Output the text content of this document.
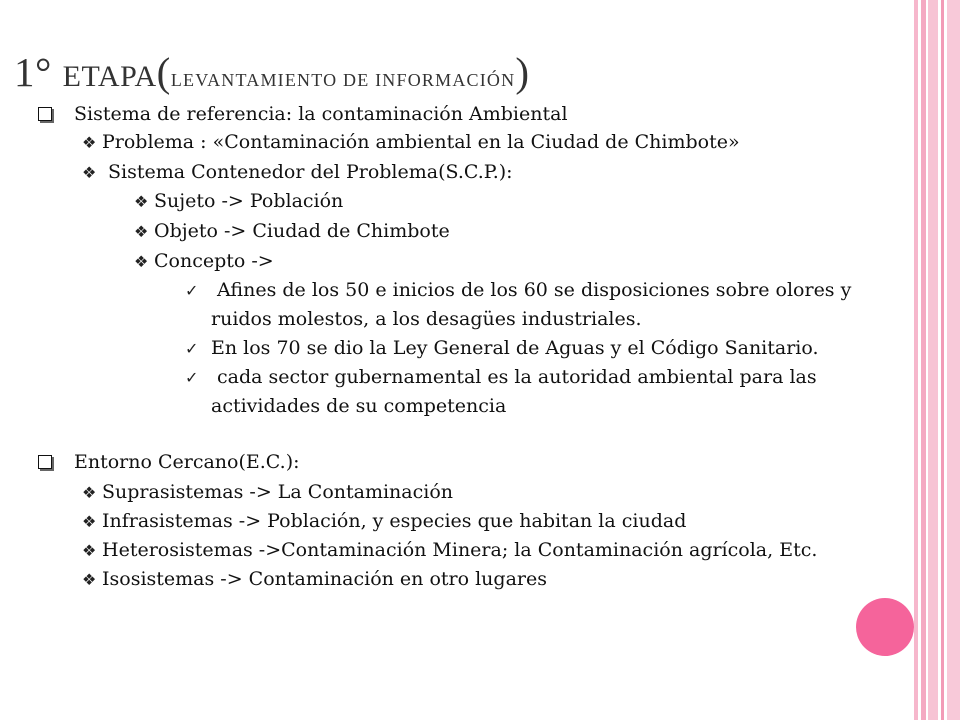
1° ETAPA(LEVANTAMIENTO DE INFORMACIÓN)
Sistema de referencia: la contaminación Ambiental
❖ Problema : «Contaminación ambiental en la Ciudad de Chimbote»
❖ Sistema Contenedor del Problema(S.C.P.):
❖ Sujeto -> Población
❖ Objeto -> Ciudad de Chimbote
❖ Concepto ->
✓ Afines de los 50 e inicios de los 60 se disposiciones sobre olores y
ruidos molestos, a los desagües industriales.
✓ En los 70 se dio la Ley General de Aguas y el Código Sanitario.
✓ cada sector gubernamental es la autoridad ambiental para las
actividades de su competencia
Entorno Cercano(E.C.):
❖ Suprasistemas -> La Contaminación
❖ Infrasistemas -> Población, y especies que habitan la ciudad
❖ Heterosistemas ->Contaminación Minera; la Contaminación agrícola, Etc.
❖ Isosistemas -> Contaminación en otro lugares
